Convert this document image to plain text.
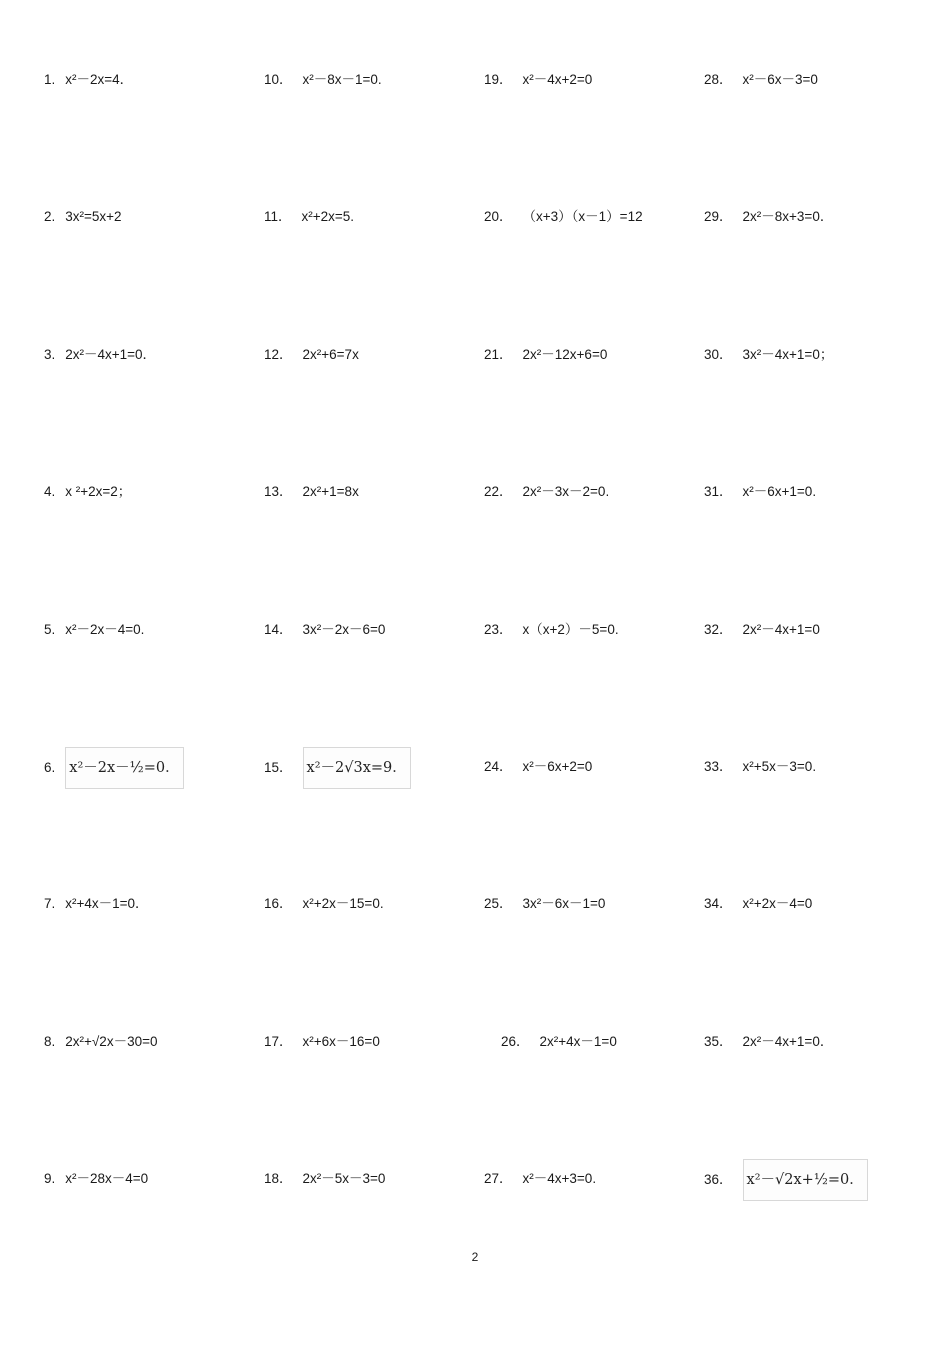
1. x²－2x=4．	10． x²－8x－1=0.	19． x²－4x+2=0	28． x²－6x－3=0
2. 3x²=5x+2	11． x²+2x=5.	20． （x+3）（x－1）=12	29． 2x²－8x+3=0．
3. 2x²－4x+1=0．	12． 2x²+6=7x	21． 2x²－12x+6=0	30． 3x²－4x+1=0；
4. x ²+2x=2；	13． 2x²+1=8x	22． 2x²－3x－2=0.	31． x²－6x+1=0.
5. x²－2x－4=0.	14． 3x²－2x－6=0	23． x（x+2）－5=0.	32． 2x²－4x+1=0
6. x²－2x－½=0．	15． x²－2√3x=9．	24． x²－6x+2=0	33． x²+5x－3=0.
7. x²+4x－1=0．	16． x²+2x－15=0.	25． 3x²－6x－1=0	34． x²+2x－4=0
8. 2x²+√2x－30=0	17． x²+6x－16=0	26． 2x²+4x－1=0	35． 2x²－4x+1=0．
9. x²－28x－4=0	18． 2x²－5x－3=0	27． x²－4x+3=0.	36． x²－√2x+½=0．
2
